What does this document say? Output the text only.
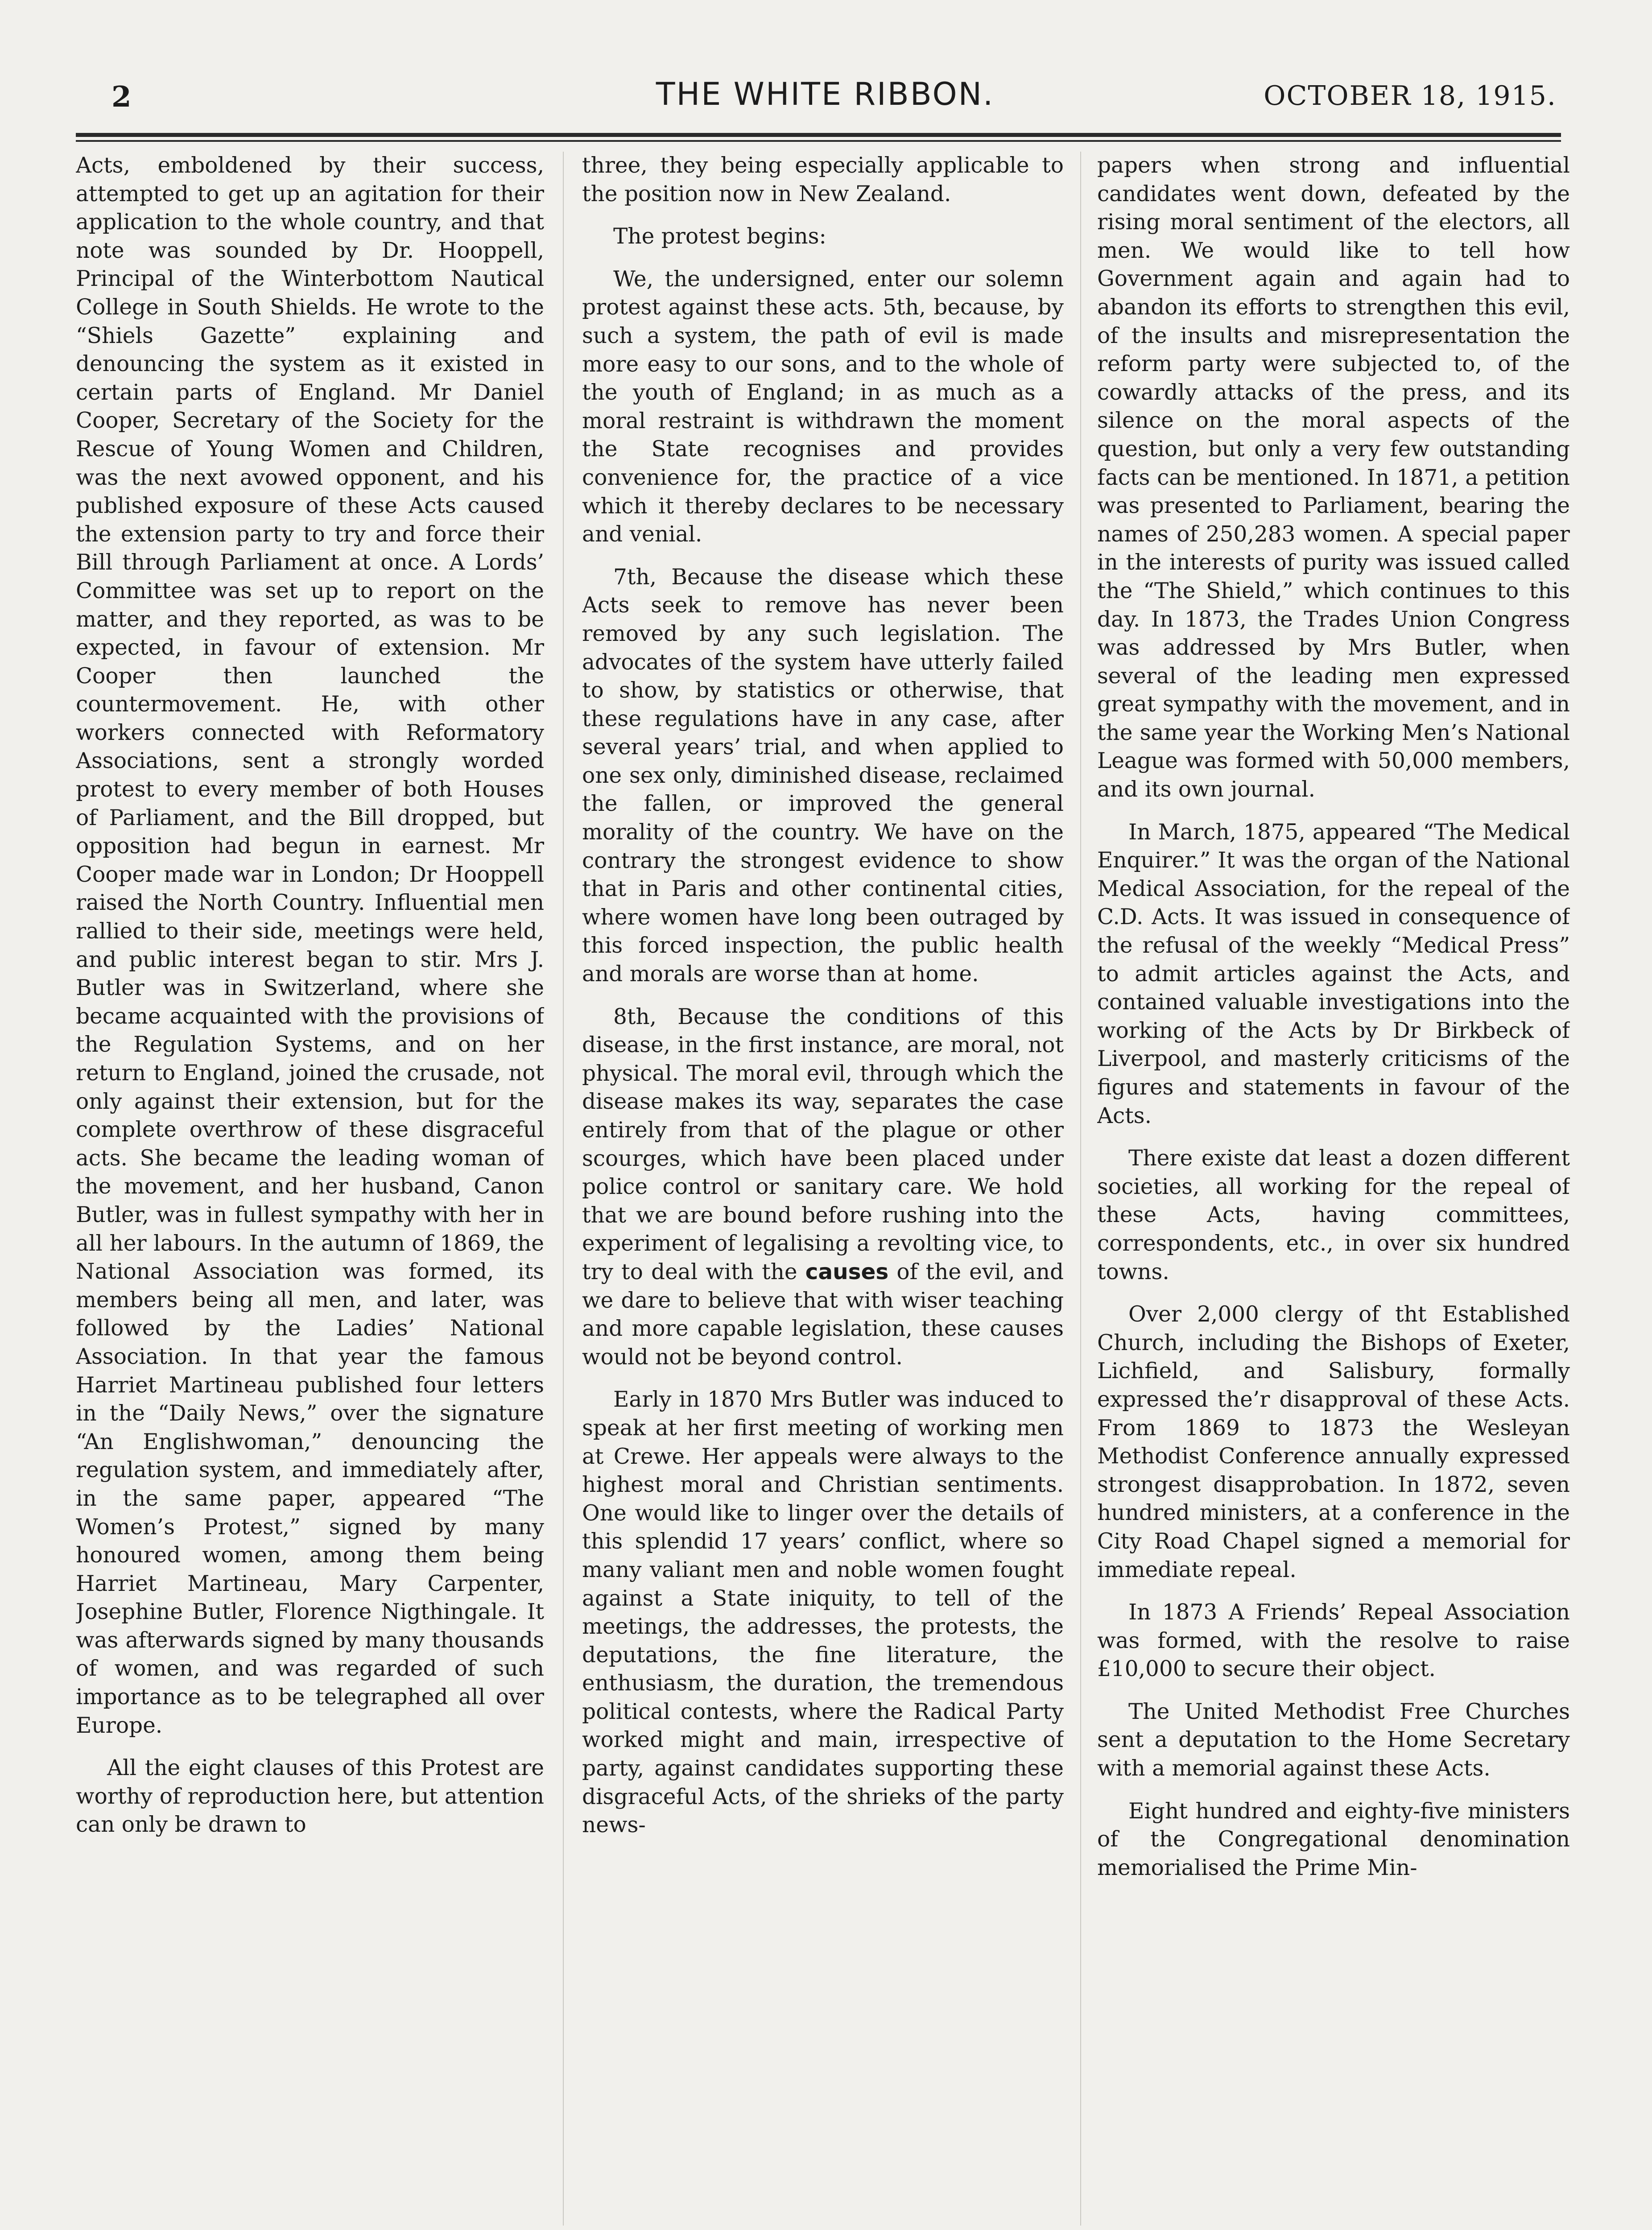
2	THE WHITE RIBBON.	OCTOBER 18, 1915.

Acts, emboldened by their success, attempted to get up an agitation for their application to the whole country, and that note was sounded by Dr. Hooppell, Principal of the Winterbottom Nautical College in South Shields. He wrote to the “Shiels Gazette” explaining and denouncing the system as it existed in certain parts of England. Mr Daniel Cooper, Secretary of the Society for the Rescue of Young Women and Children, was the next avowed opponent, and his published exposure of these Acts caused the extension party to try and force their Bill through Parliament at once. A Lords’ Committee was set up to report on the matter, and they reported, as was to be expected, in favour of extension. Mr Cooper then launched the countermovement. He, with other workers connected with Reformatory Associations, sent a strongly worded protest to every member of both Houses of Parliament, and the Bill dropped, but opposition had begun in earnest. Mr Cooper made war in London; Dr Hooppell raised the North Country. Influential men rallied to their side, meetings were held, and public interest began to stir. Mrs J. Butler was in Switzerland, where she became acquainted with the provisions of the Regulation Systems, and on her return to England, joined the crusade, not only against their extension, but for the complete overthrow of these disgraceful acts. She became the leading woman of the movement, and her husband, Canon Butler, was in fullest sympathy with her in all her labours. In the autumn of 1869, the National Association was formed, its members being all men, and later, was followed by the Ladies’ National Association. In that year the famous Harriet Martineau published four letters in the “Daily News,” over the signature “An Englishwoman,” denouncing the regulation system, and immediately after, in the same paper, appeared “The Women’s Protest,” signed by many honoured women, among them being Harriet Martineau, Mary Carpenter, Josephine Butler, Florence Nigthingale. It was afterwards signed by many thousands of women, and was regarded of such importance as to be telegraphed all over Europe.

All the eight clauses of this Protest are worthy of reproduction here, but attention can only be drawn to

three, they being especially applicable to the position now in New Zealand.

The protest begins:

We, the undersigned, enter our solemn protest against these acts. 5th, because, by such a system, the path of evil is made more easy to our sons, and to the whole of the youth of England; in as much as a moral restraint is withdrawn the moment the State recognises and provides convenience for, the practice of a vice which it thereby declares to be necessary and venial.

7th, Because the disease which these Acts seek to remove has never been removed by any such legislation. The advocates of the system have utterly failed to show, by statistics or otherwise, that these regulations have in any case, after several years’ trial, and when applied to one sex only, diminished disease, reclaimed the fallen, or improved the general morality of the country. We have on the contrary the strongest evidence to show that in Paris and other continental cities, where women have long been outraged by this forced inspection, the public health and morals are worse than at home.

8th, Because the conditions of this disease, in the first instance, are moral, not physical. The moral evil, through which the disease makes its way, separates the case entirely from that of the plague or other scourges, which have been placed under police control or sanitary care. We hold that we are bound before rushing into the experiment of legalising a revolting vice, to try to deal with the causes of the evil, and we dare to believe that with wiser teaching and more capable legislation, these causes would not be beyond control.

Early in 1870 Mrs Butler was induced to speak at her first meeting of working men at Crewe. Her appeals were always to the highest moral and Christian sentiments. One would like to linger over the details of this splendid 17 years’ conflict, where so many valiant men and noble women fought against a State iniquity, to tell of the meetings, the addresses, the protests, the deputations, the fine literature, the enthusiasm, the duration, the tremendous political contests, where the Radical Party worked might and main, irrespective of party, against candidates supporting these disgraceful Acts, of the shrieks of the party news-

papers when strong and influential candidates went down, defeated by the rising moral sentiment of the electors, all men. We would like to tell how Government again and again had to abandon its efforts to strengthen this evil, of the insults and misrepresentation the reform party were subjected to, of the cowardly attacks of the press, and its silence on the moral aspects of the question, but only a very few outstanding facts can be mentioned. In 1871, a petition was presented to Parliament, bearing the names of 250,283 women. A special paper in the interests of purity was issued called the “The Shield,” which continues to this day. In 1873, the Trades Union Congress was addressed by Mrs Butler, when several of the leading men expressed great sympathy with the movement, and in the same year the Working Men’s National League was formed with 50,000 members, and its own journal.

In March, 1875, appeared “The Medical Enquirer.” It was the organ of the National Medical Association, for the repeal of the C.D. Acts. It was issued in consequence of the refusal of the weekly “Medical Press” to admit articles against the Acts, and contained valuable investigations into the working of the Acts by Dr Birkbeck of Liverpool, and masterly criticisms of the figures and statements in favour of the Acts.

There existe dat least a dozen different societies, all working for the repeal of these Acts, having committees, correspondents, etc., in over six hundred towns.

Over 2,000 clergy of tht Established Church, including the Bishops of Exeter, Lichfield, and Salisbury, formally expressed the’r disapproval of these Acts. From 1869 to 1873 the Wesleyan Methodist Conference annually expressed strongest disapprobation. In 1872, seven hundred ministers, at a conference in the City Road Chapel signed a memorial for immediate repeal.

In 1873 A Friends’ Repeal Association was formed, with the resolve to raise £10,000 to secure their object.

The United Methodist Free Churches sent a deputation to the Home Secretary with a memorial against these Acts.

Eight hundred and eighty-five ministers of the Congregational denomination memorialised the Prime Min-
